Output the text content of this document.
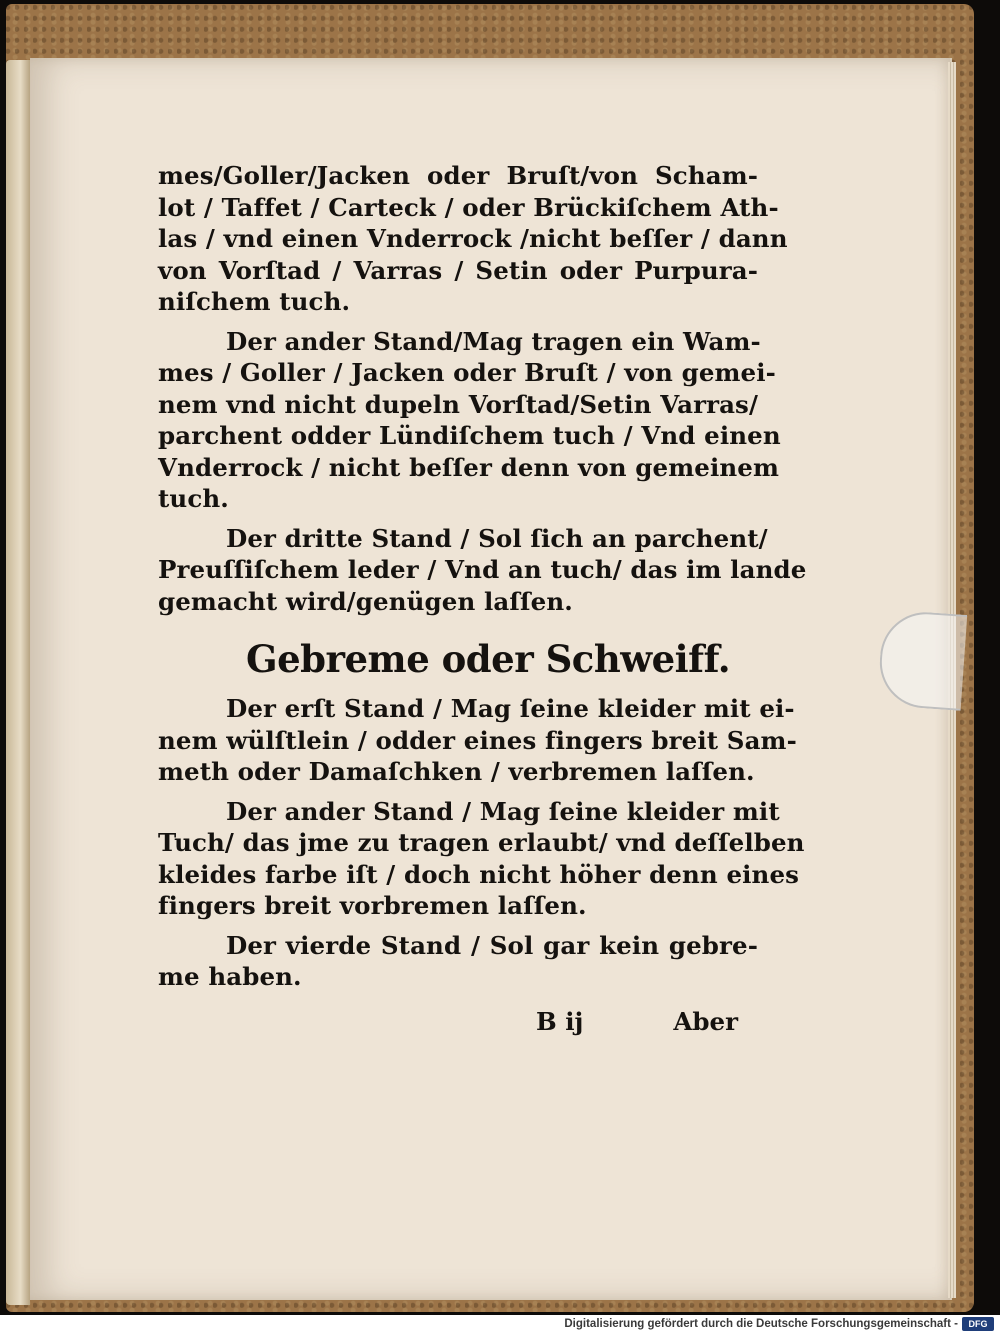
mes/Goller/Jacken oder Bruſt/von Scham-
lot / Taffet / Carteck / oder Brückiſchem Ath-
las / vnd einen Vnderrock /nicht beſſer / dann
von Vorſtad / Varras / Setin oder Purpura-
niſchem tuch.
Der ander Stand/Mag tragen ein Wam-
mes / Goller / Jacken oder Bruſt / von gemei-
nem vnd nicht dupeln Vorſtad/Setin Varras/
parchent odder Lündiſchem tuch / Vnd einen
Vnderrock / nicht beſſer denn von gemeinem
tuch.
Der dritte Stand / Sol ſich an parchent/
Preuſſiſchem leder / Vnd an tuch/ das im lande
gemacht wird/genügen laſſen.
Gebreme oder Schweiff.
Der erſt Stand / Mag ſeine kleider mit ei-
nem wülſtlein / odder eines fingers breit Sam-
meth oder Damaſchken / verbremen laſſen.
Der ander Stand / Mag ſeine kleider mit
Tuch/ das jme zu tragen erlaubt/ vnd deſſelben
kleides farbe iſt / doch nicht höher denn eines
fingers breit vorbremen laſſen.
Der vierde Stand / Sol gar kein gebre-
me haben.
B ij	Aber
Digitalisierung gefördert durch die Deutsche Forschungsgemeinschaft -	DFG
